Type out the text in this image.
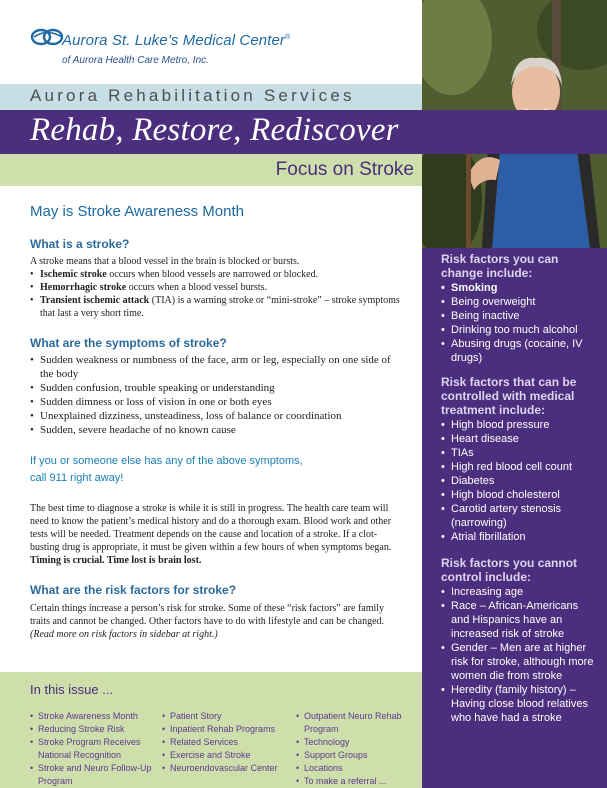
Aurora St. Luke’s Medical Center®
of Aurora Health Care Metro, Inc.
Aurora Rehabilitation Services
Rehab, Restore, Rediscover
Focus on Stroke
May is Stroke Awareness Month
What is a stroke?
A stroke means that a blood vessel in the brain is blocked or bursts.
• Ischemic stroke occurs when blood vessels are narrowed or blocked.
• Hemorrhagic stroke occurs when a blood vessel bursts.
• Transient ischemic attack (TIA) is a warning stroke or “mini-stroke” – stroke symptoms that last a very short time.
What are the symptoms of stroke?
• Sudden weakness or numbness of the face, arm or leg, especially on one side of the body
• Sudden confusion, trouble speaking or understanding
• Sudden dimness or loss of vision in one or both eyes
• Unexplained dizziness, unsteadiness, loss of balance or coordination
• Sudden, severe headache of no known cause
If you or someone else has any of the above symptoms,
call 911 right away!
The best time to diagnose a stroke is while it is still in progress. The health care team will need to know the patient’s medical history and do a thorough exam. Blood work and other tests will be needed. Treatment depends on the cause and location of a stroke. If a clot-busting drug is appropriate, it must be given within a few hours of when symptoms began. Timing is crucial. Time lost is brain lost.
What are the risk factors for stroke?
Certain things increase a person’s risk for stroke. Some of these “risk factors” are family traits and cannot be changed. Other factors have to do with lifestyle and can be changed. (Read more on risk factors in sidebar at right.)
Risk factors you can change include:
• Smoking
• Being overweight
• Being inactive
• Drinking too much alcohol
• Abusing drugs (cocaine, IV drugs)
Risk factors that can be controlled with medical treatment include:
• High blood pressure
• Heart disease
• TIAs
• High red blood cell count
• Diabetes
• High blood cholesterol
• Carotid artery stenosis (narrowing)
• Atrial fibrillation
Risk factors you cannot control include:
• Increasing age
• Race – African-Americans and Hispanics have an increased risk of stroke
• Gender – Men are at higher risk for stroke, although more women die from stroke
• Heredity (family history) – Having close blood relatives who have had a stroke
In this issue ...
• Stroke Awareness Month
• Reducing Stroke Risk
• Stroke Program Receives National Recognition
• Stroke and Neuro Follow-Up Program
• Patient Story
• Inpatient Rehab Programs
• Related Services
• Exercise and Stroke
• Neuroendovascular Center
• Outpatient Neuro Rehab Program
• Technology
• Support Groups
• Locations
• To make a referral ...
